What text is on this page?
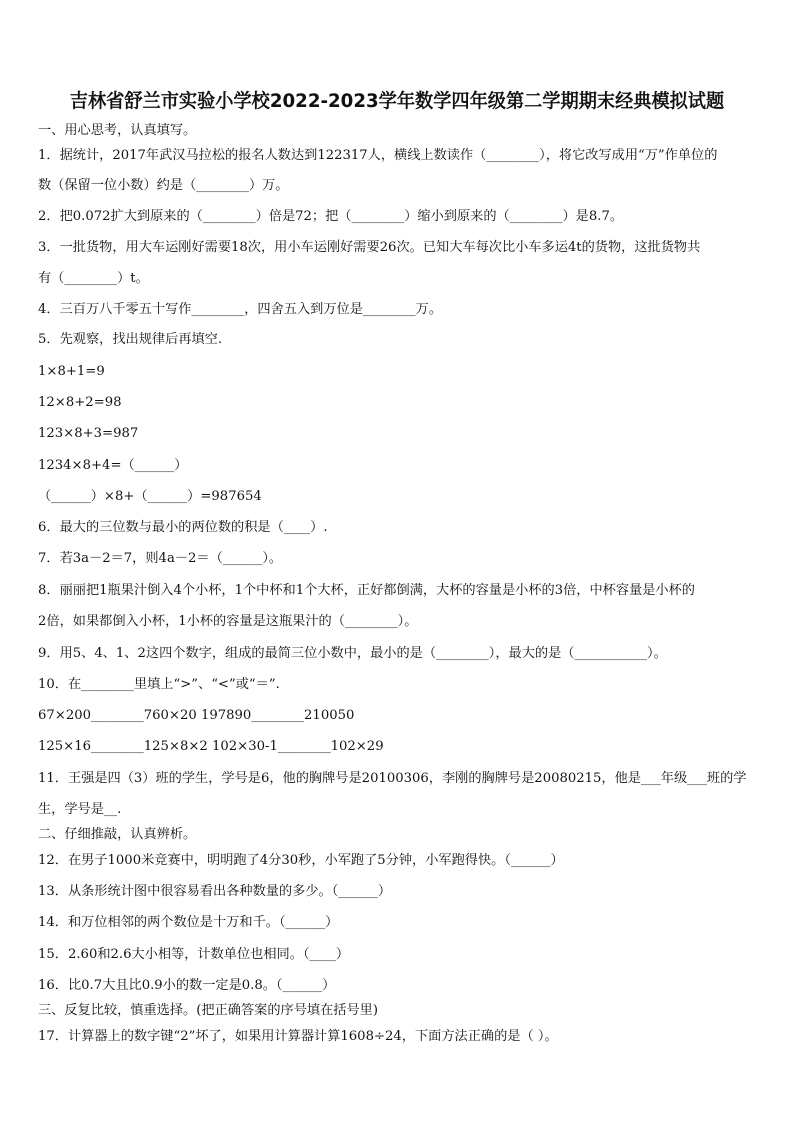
吉林省舒兰市实验小学校2022-2023学年数学四年级第二学期期末经典模拟试题
一、用心思考，认真填写。
1．据统计，2017年武汉马拉松的报名人数达到122317人，横线上数读作（________），将它改写成用“万”作单位的
数（保留一位小数）约是（________）万。
2．把0.072扩大到原来的（________）倍是72；把（________）缩小到原来的（________）是8.7。
3．一批货物，用大车运刚好需要18次，用小车运刚好需要26次。已知大车每次比小车多运4t的货物，这批货物共
有（________）t。
4．三百万八千零五十写作________，四舍五入到万位是________万。
5．先观察，找出规律后再填空.
1×8+1=9
12×8+2=98
123×8+3=987
1234×8+4=（______）
（______）×8+（______）=987654
6．最大的三位数与最小的两位数的积是（____）.
7．若3a－2＝7，则4a－2＝（______）。
8．丽丽把1瓶果汁倒入4个小杯，1个中杯和1个大杯，正好都倒满，大杯的容量是小杯的3倍，中杯容量是小杯的
2倍，如果都倒入小杯，1小杯的容量是这瓶果汁的（________）。
9．用5、4、1、2这四个数字，组成的最简三位小数中，最小的是（________），最大的是（___________）。
10．在________里填上“>”、“<”或“＝”.
67×200________760×20 197890________210050
125×16________125×8×2 102×30-1________102×29
11．王强是四（3）班的学生，学号是6，他的胸牌号是20100306，李刚的胸牌号是20080215，他是___年级___班的学
生，学号是__.
二、仔细推敲，认真辨析。
12．在男子1000米竞赛中，明明跑了4分30秒，小军跑了5分钟，小军跑得快。（______）
13．从条形统计图中很容易看出各种数量的多少。（______）
14．和万位相邻的两个数位是十万和千。（______）
15．2.60和2.6大小相等，计数单位也相同。（____）
16．比0.7大且比0.9小的数一定是0.8。（______）
三、反复比较，慎重选择。(把正确答案的序号填在括号里)
17．计算器上的数字键“2”坏了，如果用计算器计算1608÷24，下面方法正确的是（ ）。
